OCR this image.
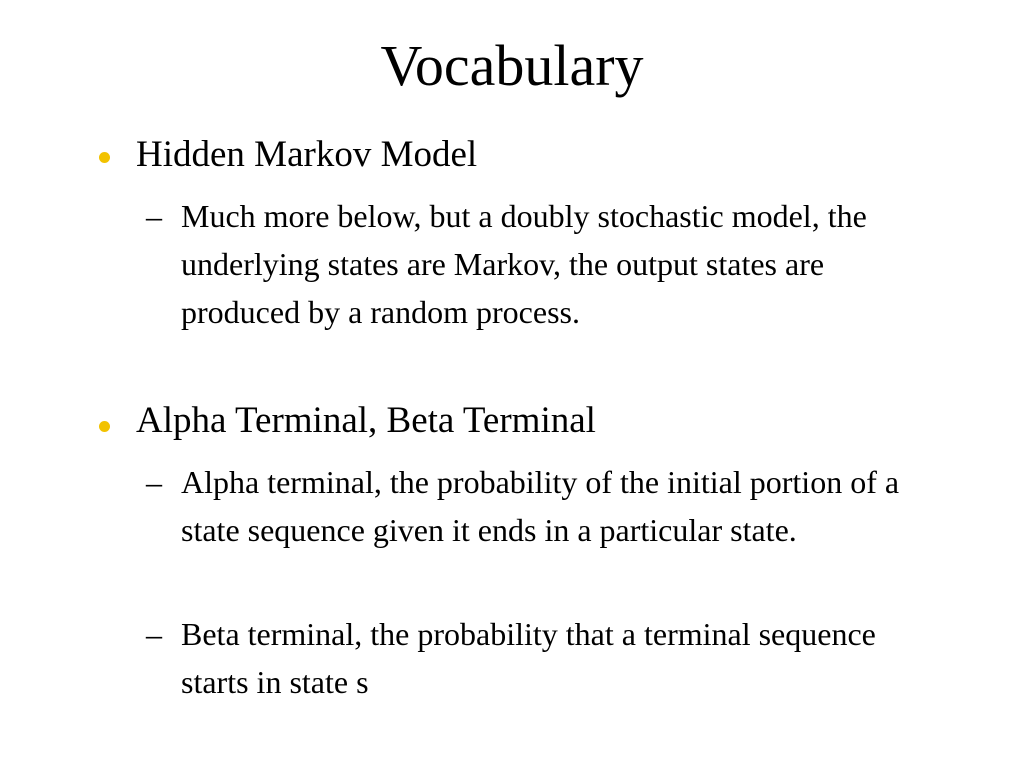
Vocabulary
Hidden Markov Model
– Much more below, but a doubly stochastic model, the underlying states are Markov, the output states are produced by a random process.
Alpha Terminal, Beta Terminal
– Alpha terminal, the probability of the initial portion of a state sequence given it ends in a particular state.
– Beta terminal, the probability that a terminal sequence starts in state s
